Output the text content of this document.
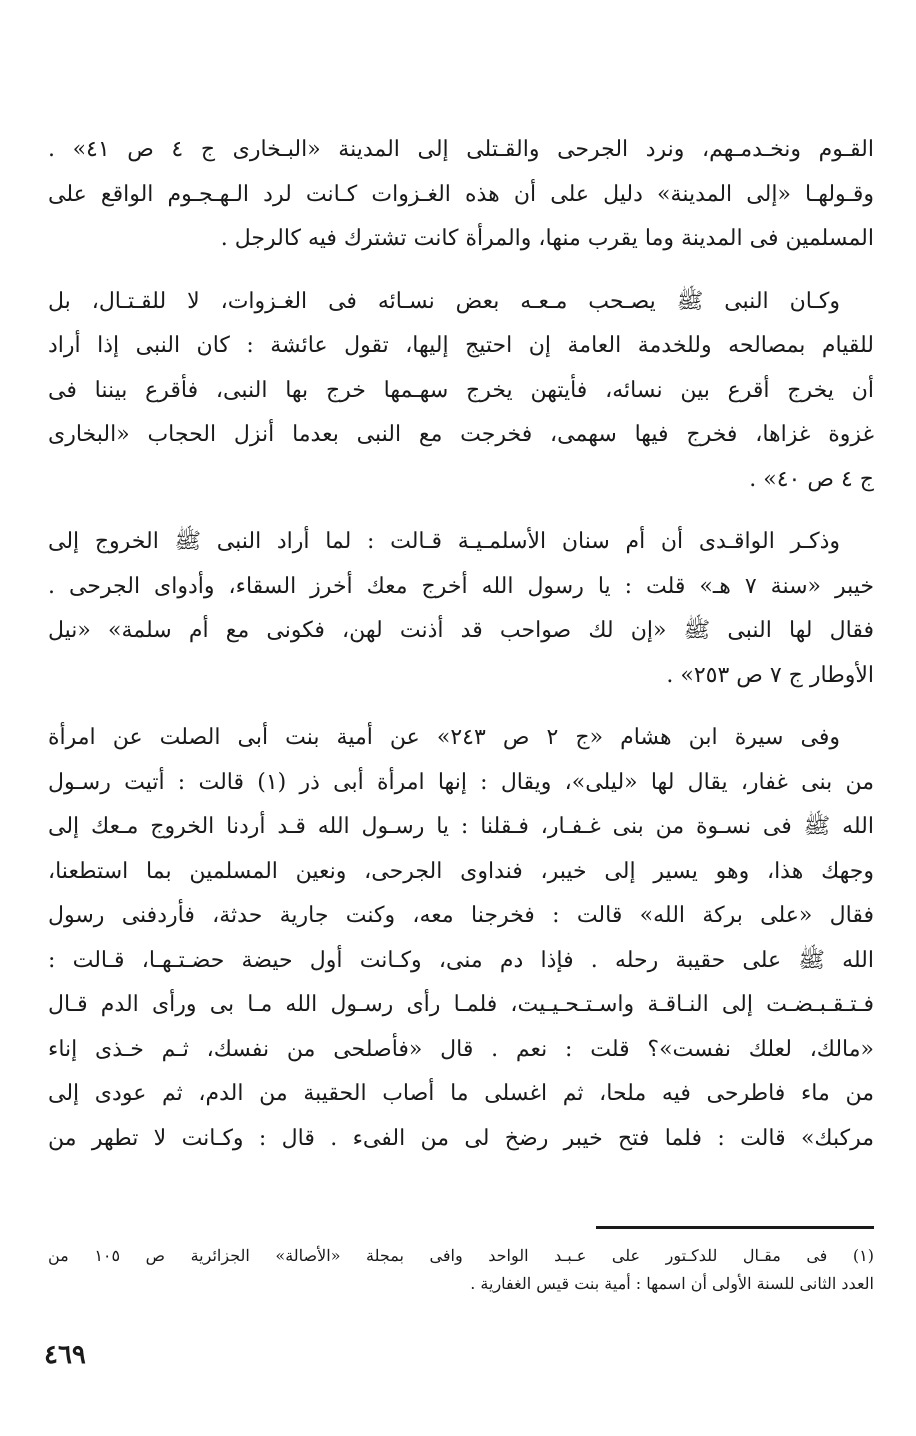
القـوم ونخـدمـهم، ونرد الجرحى والقـتلى إلى المدينة «البـخارى ج ٤ ص ٤١» .
وقـولهـا «إلى المدينة» دليل على أن هذه الغـزوات كـانت لرد الـهـجـوم الواقع على
المسلمين فى المدينة وما يقرب منها، والمرأة كانت تشترك فيه كالرجل .
وكـان النبى ﷺ يصـحب مـعـه بعض نسـائه فى الغـزوات، لا للقـتـال، بل
للقيام بمصالحه وللخدمة العامة إن احتيج إليها، تقول عائشة : كان النبى إذا أراد
أن يخرج أقرع بين نسائه، فأيتهن يخرج سهـمها خرج بها النبى، فأقرع بيننا فى
غزوة غزاها، فخرج فيها سهمى، فخرجت مع النبى بعدما أنزل الحجاب «البخارى
ج ٤ ص ٤٠» .
وذكـر الواقـدى أن أم سنان الأسلمـيـة قـالت : لما أراد النبى ﷺ الخروج إلى
خيبر «سنة ٧ هـ» قلت : يا رسول الله أخرج معك أخرز السقاء، وأدواى الجرحى .
فقال لها النبى ﷺ «إن لك صواحب قد أذنت لهن، فكونى مع أم سلمة» «نيل
الأوطار ج ٧ ص ٢٥٣» .
وفى سيرة ابن هشام «ج ٢ ص ٢٤٣» عن أمية بنت أبى الصلت عن امرأة
من بنى غفار، يقال لها «ليلى»، ويقال : إنها امرأة أبى ذر (١) قالت : أتيت رسـول
الله ﷺ فى نسـوة من بنى غـفـار، فـقلنا : يا رسـول الله قـد أردنا الخروج مـعك إلى
وجهك هذا، وهو يسير إلى خيبر، فنداوى الجرحى، ونعين المسلمين بما استطعنا،
فقال «على بركة الله» قالت : فخرجنا معه، وكنت جارية حدثة، فأردفنى رسول
الله ﷺ على حقيبة رحله . فإذا دم منى، وكـانت أول حيضة حضـتـهـا، قـالت :
فـتـقـبـضـت إلى النـاقـة واسـتـحـيـيت، فلمـا رأى رسـول الله مـا بى ورأى الدم قـال
«مالك، لعلك نفست»؟ قلت : نعم . قال «فأصلحى من نفسك، ثـم خـذى إناء
من ماء فاطرحى فيه ملحا، ثم اغسلى ما أصاب الحقيبة من الدم، ثم عودى إلى
مركبك» قالت : فلما فتح خيبر رضخ لى من الفىء . قال : وكـانت لا تطهر من
(١) فى مقـال للدكـتور على عـبـد الواحد وافى بمجلة «الأصالة» الجزائرية ص ١٠٥ من
العدد الثانى للسنة الأولى أن اسمها : أمية بنت قيس الغفارية .
٤٦٩
